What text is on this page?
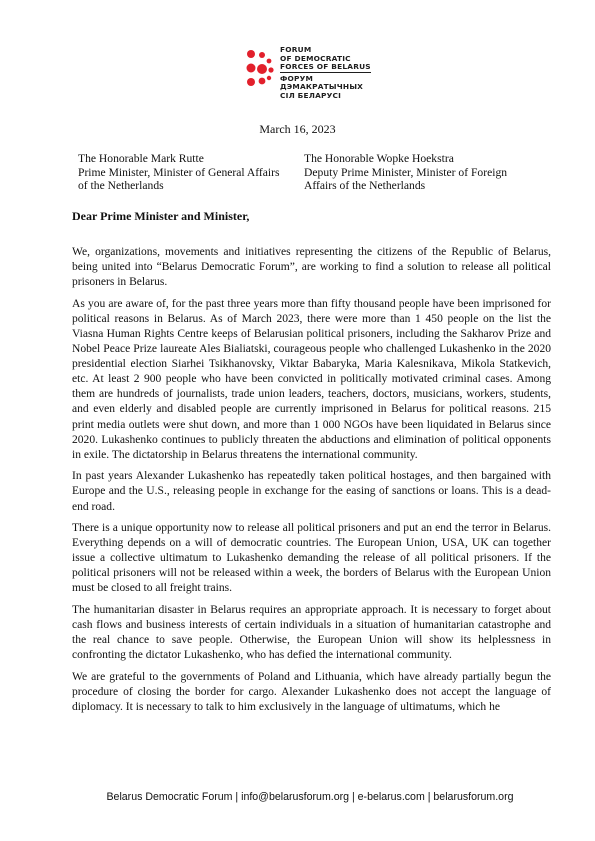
FORUM
OF DEMOCRATIC
FORCES OF BELARUS
ФОРУМ
ДЭМАКРАТЫЧНЫХ
СІЛ БЕЛАРУСІ
March 16, 2023
The Honorable Mark Rutte
Prime Minister, Minister of General Affairs
of the Netherlands
The Honorable Wopke Hoekstra
Deputy Prime Minister, Minister of Foreign
Affairs of the Netherlands
Dear Prime Minister and Minister,

We, organizations, movements and initiatives representing the citizens of the Republic of Belarus, being united into “Belarus Democratic Forum”, are working to find a solution to release all political prisoners in Belarus.

As you are aware of, for the past three years more than fifty thousand people have been imprisoned for political reasons in Belarus. As of March 2023, there were more than 1 450 people on the list the Viasna Human Rights Centre keeps of Belarusian political prisoners, including the Sakharov Prize and Nobel Peace Prize laureate Ales Bialiatski, courageous people who challenged Lukashenko in the 2020 presidential election Siarhei Tsikhanovsky, Viktar Babaryka, Maria Kalesnikava, Mikola Statkevich, etc. At least 2 900 people who have been convicted in politically motivated criminal cases. Among them are hundreds of journalists, trade union leaders, teachers, doctors, musicians, workers, students, and even elderly and disabled people are currently imprisoned in Belarus for political reasons. 215 print media outlets were shut down, and more than 1 000 NGOs have been liquidated in Belarus since 2020. Lukashenko continues to publicly threaten the abductions and elimination of political opponents in exile. The dictatorship in Belarus threatens the international community.

In past years Alexander Lukashenko has repeatedly taken political hostages, and then bargained with Europe and the U.S., releasing people in exchange for the easing of sanctions or loans. This is a dead-end road.

There is a unique opportunity now to release all political prisoners and put an end the terror in Belarus. Everything depends on a will of democratic countries. The European Union, USA, UK can together issue a collective ultimatum to Lukashenko demanding the release of all political prisoners. If the political prisoners will not be released within a week, the borders of Belarus with the European Union must be closed to all freight trains.

The humanitarian disaster in Belarus requires an appropriate approach. It is necessary to forget about cash flows and business interests of certain individuals in a situation of humanitarian catastrophe and the real chance to save people. Otherwise, the European Union will show its helplessness in confronting the dictator Lukashenko, who has defied the international community.

We are grateful to the governments of Poland and Lithuania, which have already partially begun the procedure of closing the border for cargo. Alexander Lukashenko does not accept the language of diplomacy. It is necessary to talk to him exclusively in the language of ultimatums, which he

Belarus Democratic Forum | info@belarusforum.org | e-belarus.com | belarusforum.org
